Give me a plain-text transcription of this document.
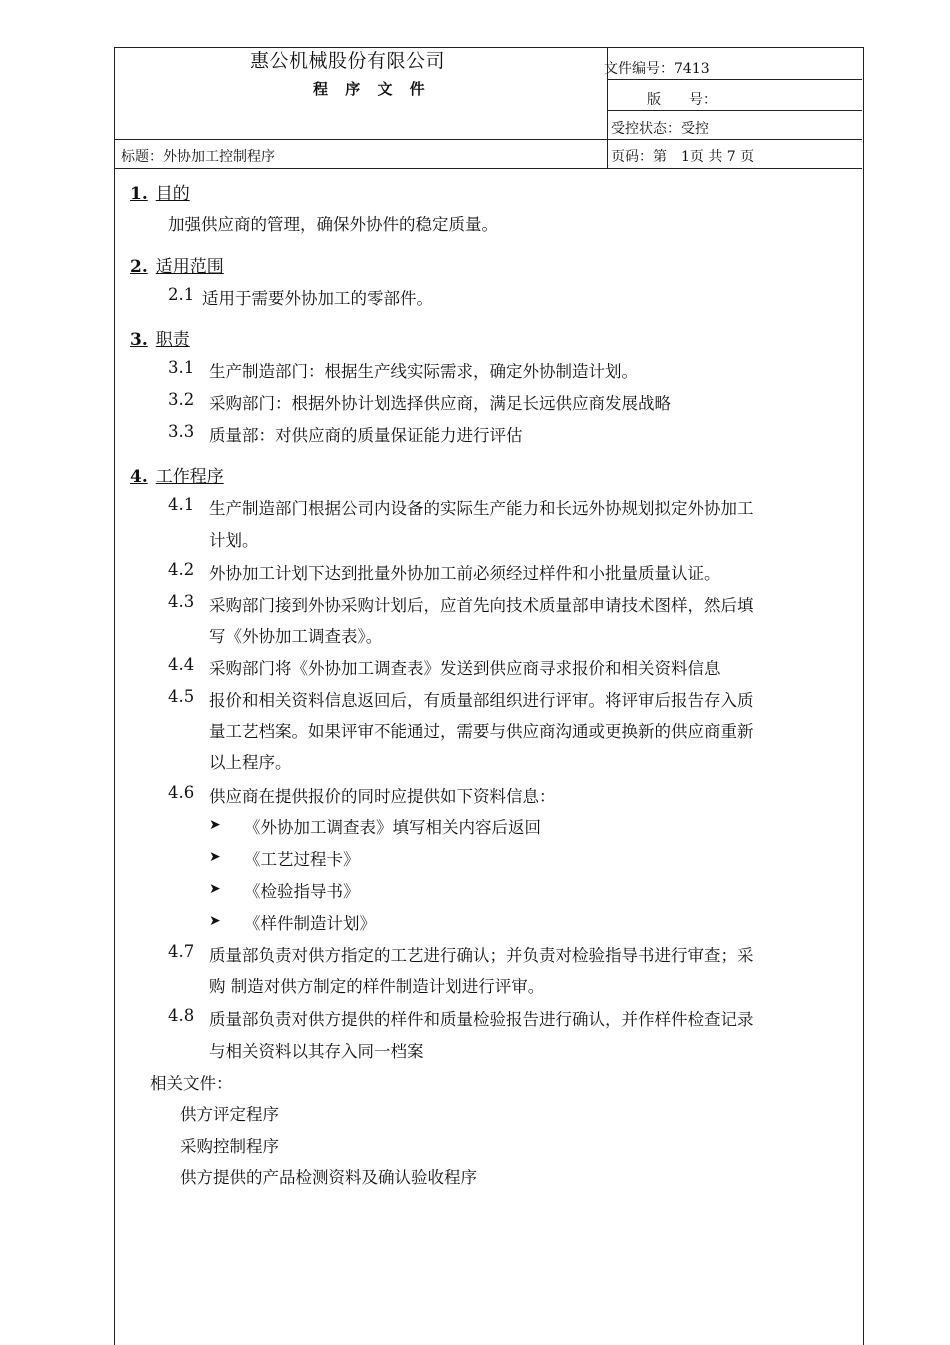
惠公机械股份有限公司
程 序 文 件
文件编号：7413
版　　号：
受控状态：受控
标题：外协加工控制程序	页码：第　1页 共 7 页
1. 目的
加强供应商的管理，确保外协件的稳定质量。
2. 适用范围
2.1 适用于需要外协加工的零部件。
3. 职责
3.1 生产制造部门：根据生产线实际需求，确定外协制造计划。
3.2 采购部门：根据外协计划选择供应商，满足长远供应商发展战略
3.3 质量部：对供应商的质量保证能力进行评估
4. 工作程序
4.1 生产制造部门根据公司内设备的实际生产能力和长远外协规划拟定外协加工
计划。
4.2 外协加工计划下达到批量外协加工前必须经过样件和小批量质量认证。
4.3 采购部门接到外协采购计划后，应首先向技术质量部申请技术图样，然后填
写《外协加工调查表》。
4.4 采购部门将《外协加工调查表》发送到供应商寻求报价和相关资料信息
4.5 报价和相关资料信息返回后，有质量部组织进行评审。将评审后报告存入质
量工艺档案。如果评审不能通过，需要与供应商沟通或更换新的供应商重新
以上程序。
4.6 供应商在提供报价的同时应提供如下资料信息：
➤ 《外协加工调查表》填写相关内容后返回
➤ 《工艺过程卡》
➤ 《检验指导书》
➤ 《样件制造计划》
4.7 质量部负责对供方指定的工艺进行确认；并负责对检验指导书进行审查；采
购 制造对供方制定的样件制造计划进行评审。
4.8 质量部负责对供方提供的样件和质量检验报告进行确认，并作样件检查记录
与相关资料以其存入同一档案
相关文件：
供方评定程序
采购控制程序
供方提供的产品检测资料及确认验收程序
